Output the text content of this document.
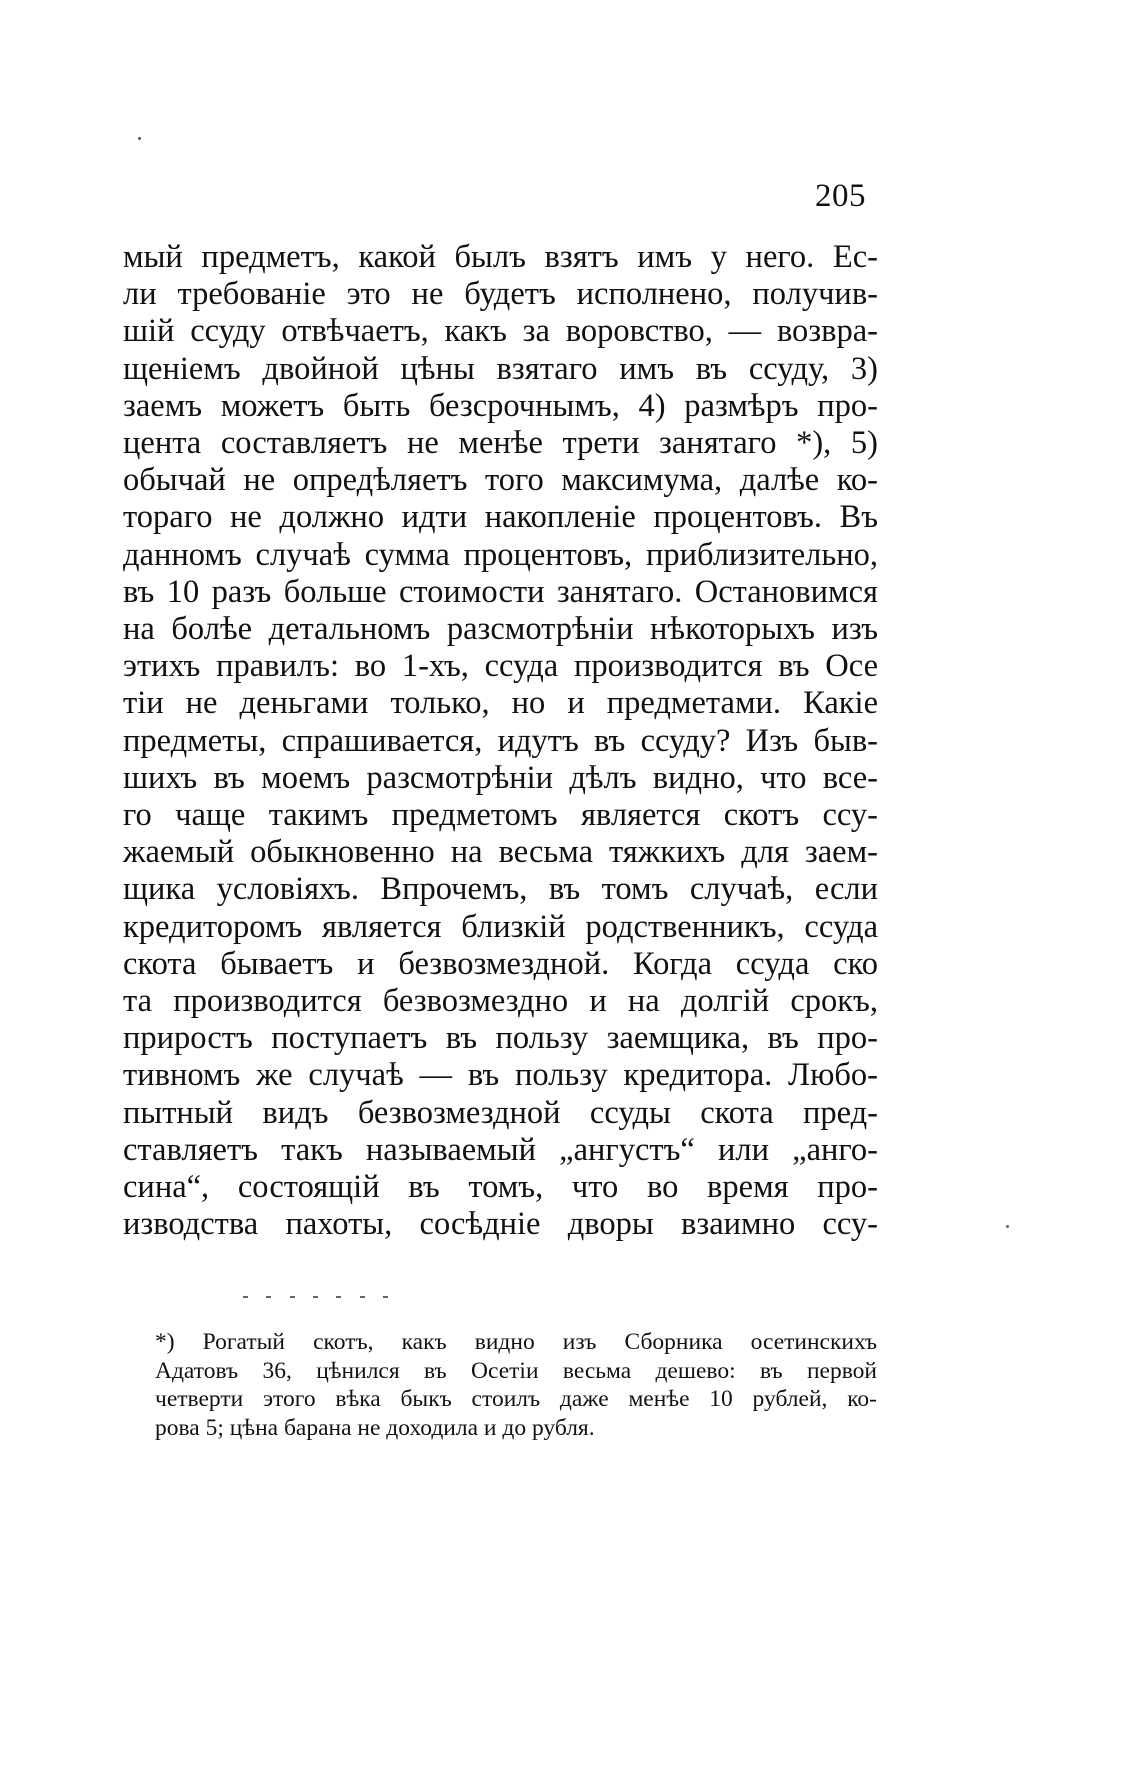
205
мый предметъ, какой былъ взятъ имъ у него. Ес-
ли требованіе это не будетъ исполнено, получив-
шій ссуду отвѣчаетъ, какъ за воровство, — возвра-
щеніемъ двойной цѣны взятаго имъ въ ссуду, 3)
заемъ можетъ быть безсрочнымъ, 4) размѣръ про-
цента составляетъ не менѣе трети занятаго *), 5)
обычай не опредѣляетъ того максимума, далѣе ко-
тораго не должно идти накопленіе процентовъ. Въ
данномъ случаѣ сумма процентовъ, приблизительно,
въ 10 разъ больше стоимости занятаго. Остановимся
на болѣе детальномъ разсмотрѣніи нѣкоторыхъ изъ
этихъ правилъ: во 1-хъ, ссуда производится въ Осе
тіи не деньгами только, но и предметами. Какіе
предметы, спрашивается, идутъ въ ссуду? Изъ быв-
шихъ въ моемъ разсмотрѣніи дѣлъ видно, что все-
го чаще такимъ предметомъ является скотъ ссу-
жаемый обыкновенно на весьма тяжкихъ для заем-
щика условіяхъ. Впрочемъ, въ томъ случаѣ, если
кредиторомъ является близкій родственникъ, ссуда
скота бываетъ и безвозмездной. Когда ссуда ско
та производится безвозмездно и на долгій срокъ,
приростъ поступаетъ въ пользу заемщика, въ про-
тивномъ же случаѣ — въ пользу кредитора. Любо-
пытный видъ безвозмездной ссуды скота пред-
ставляетъ такъ называемый „ангустъ“ или „анго-
сина“, состоящій въ томъ, что во время про-
изводства пахоты, сосѣдніе дворы взаимно ссу-
*) Рогатый скотъ, какъ видно изъ Сборника осетинскихъ
Адатовъ 36, цѣнился въ Осетіи весьма дешево: въ первой
четверти этого вѣка быкъ стоилъ даже менѣе 10 рублей, ко-
рова 5; цѣна барана не доходила и до рубля.
